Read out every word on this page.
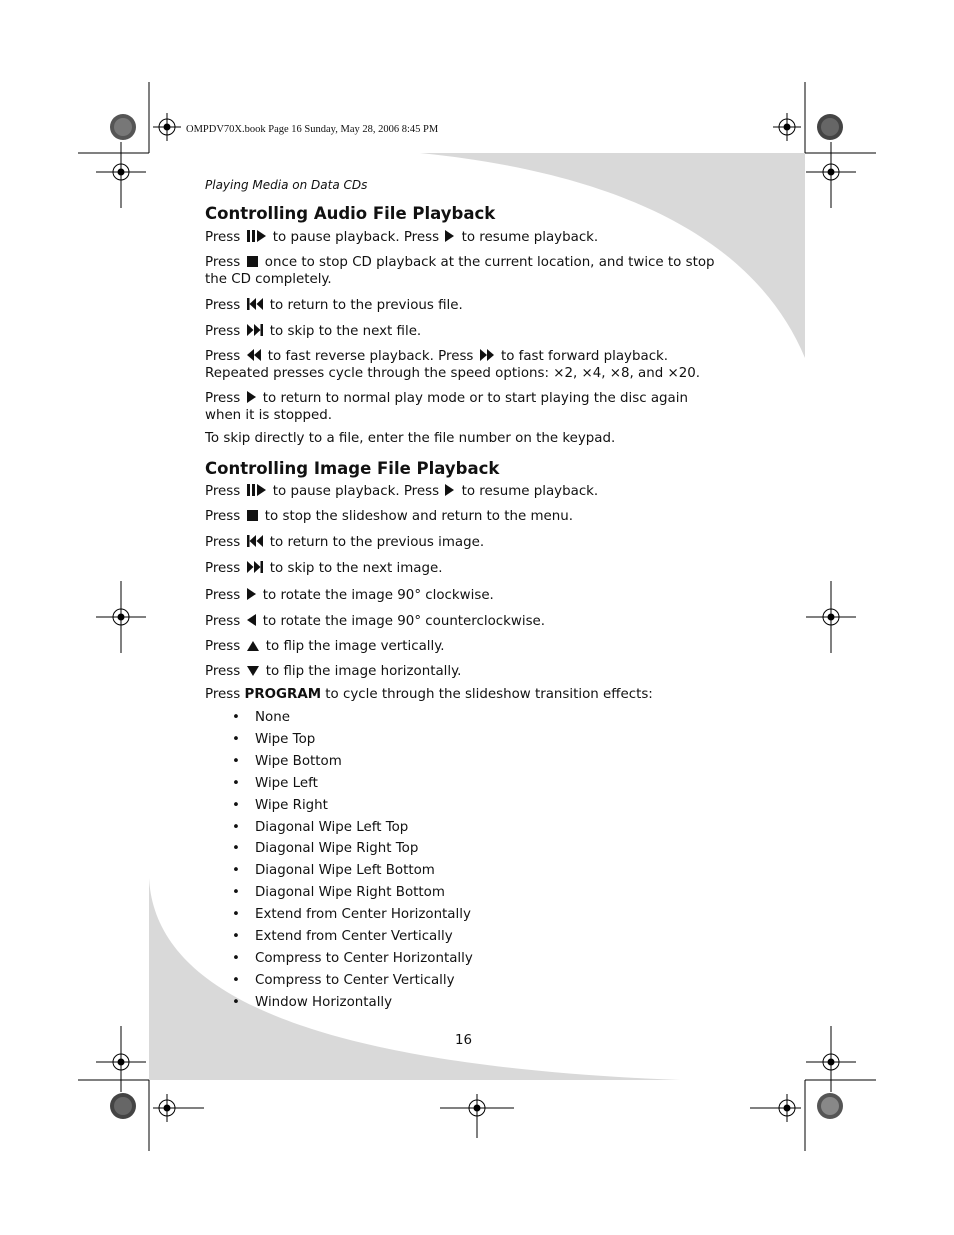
OMPDV70X.book Page 16 Sunday, May 28, 2006 8:45 PM
Playing Media on Data CDs
Controlling Audio File Playback
Press to pause playback. Press to resume playback.
Press once to stop CD playback at the current location, and twice to stop the CD completely.
Press to return to the previous file.
Press to skip to the next file.
Press to fast reverse playback. Press to fast forward playback. Repeated presses cycle through the speed options: ×2, ×4, ×8, and ×20.
Press to return to normal play mode or to start playing the disc again when it is stopped.
To skip directly to a file, enter the file number on the keypad.
Controlling Image File Playback
Press to pause playback. Press to resume playback.
Press to stop the slideshow and return to the menu.
Press to return to the previous image.
Press to skip to the next image.
Press to rotate the image 90° clockwise.
Press to rotate the image 90° counterclockwise.
Press to flip the image vertically.
Press to flip the image horizontally.
Press PROGRAM to cycle through the slideshow transition effects:
• None
• Wipe Top
• Wipe Bottom
• Wipe Left
• Wipe Right
• Diagonal Wipe Left Top
• Diagonal Wipe Right Top
• Diagonal Wipe Left Bottom
• Diagonal Wipe Right Bottom
• Extend from Center Horizontally
• Extend from Center Vertically
• Compress to Center Horizontally
• Compress to Center Vertically
• Window Horizontally
16
